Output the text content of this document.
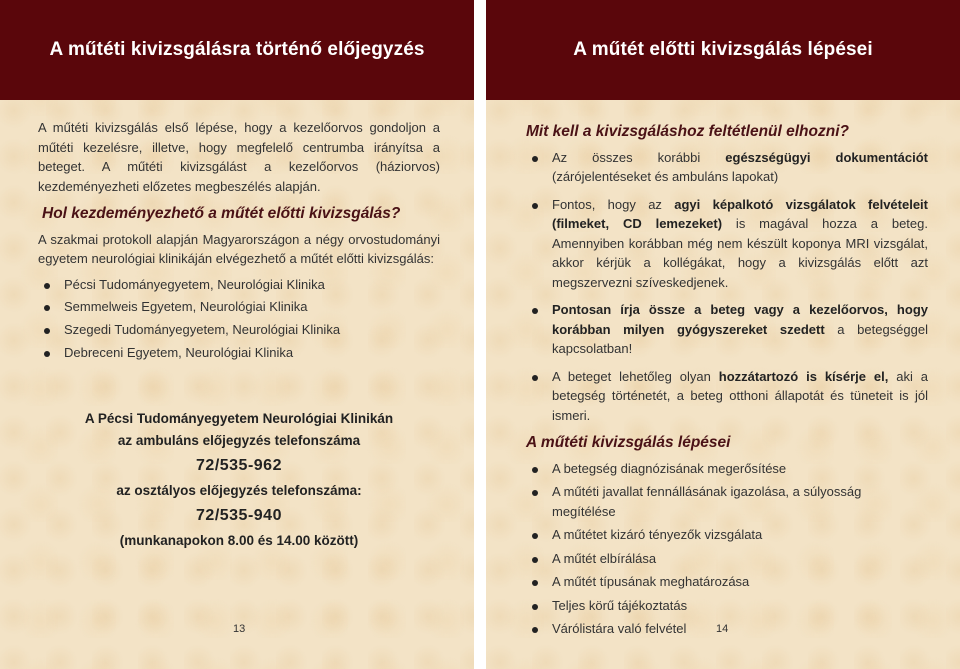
A műtéti kivizsgálásra történő előjegyzés

A műtéti kivizsgálás első lépése, hogy a kezelőorvos gondoljon a műtéti kezelésre, illetve, hogy megfelelő centrumba irányítsa a beteget. A műtéti kivizsgálást a kezelőorvos (háziorvos) kezdeményezheti előzetes megbeszélés alapján.

Hol kezdeményezhető a műtét előtti kivizsgálás?

A szakmai protokoll alapján Magyarországon a négy orvostudományi egyetem neurológiai klinikáján elvégezhető a műtét előtti kivizsgálás:

Pécsi Tudományegyetem, Neurológiai Klinika
Semmelweis Egyetem, Neurológiai Klinika
Szegedi Tudományegyetem, Neurológiai Klinika
Debreceni Egyetem, Neurológiai Klinika
A Pécsi Tudományegyetem Neurológiai Klinikán
az ambuláns előjegyzés telefonszáma
72/535-962
az osztályos előjegyzés telefonszáma:
72/535-940
(munkanapokon 8.00 és 14.00 között)
13
A műtét előtti kivizsgálás lépései
Mit kell a kivizsgáláshoz feltétlenül elhozni?

Az összes korábbi egészségügyi dokumentációt (zárójelentéseket és ambuláns lapokat)

Fontos, hogy az agyi képalkotó vizsgálatok felvételeit (filmeket, CD lemezeket) is magával hozza a beteg. Amennyiben korábban még nem készült koponya MRI vizsgálat, akkor kérjük a kollégákat, hogy a kivizsgálás előtt azt megszervezni szíveskedjenek.

Pontosan írja össze a beteg vagy a kezelőorvos, hogy korábban milyen gyógyszereket szedett a betegséggel kapcsolatban!

A beteget lehetőleg olyan hozzátartozó is kísérje el, aki a betegség történetét, a beteg otthoni állapotát és tüneteit is jól ismeri.

A műtéti kivizsgálás lépései
A betegség diagnózisának megerősítése
A műtéti javallat fennállásának igazolása, a súlyosság megítélése
A műtétet kizáró tényezők vizsgálata
A műtét elbírálása
A műtét típusának meghatározása
Teljes körű tájékoztatás
Várólistára való felvétel	14
